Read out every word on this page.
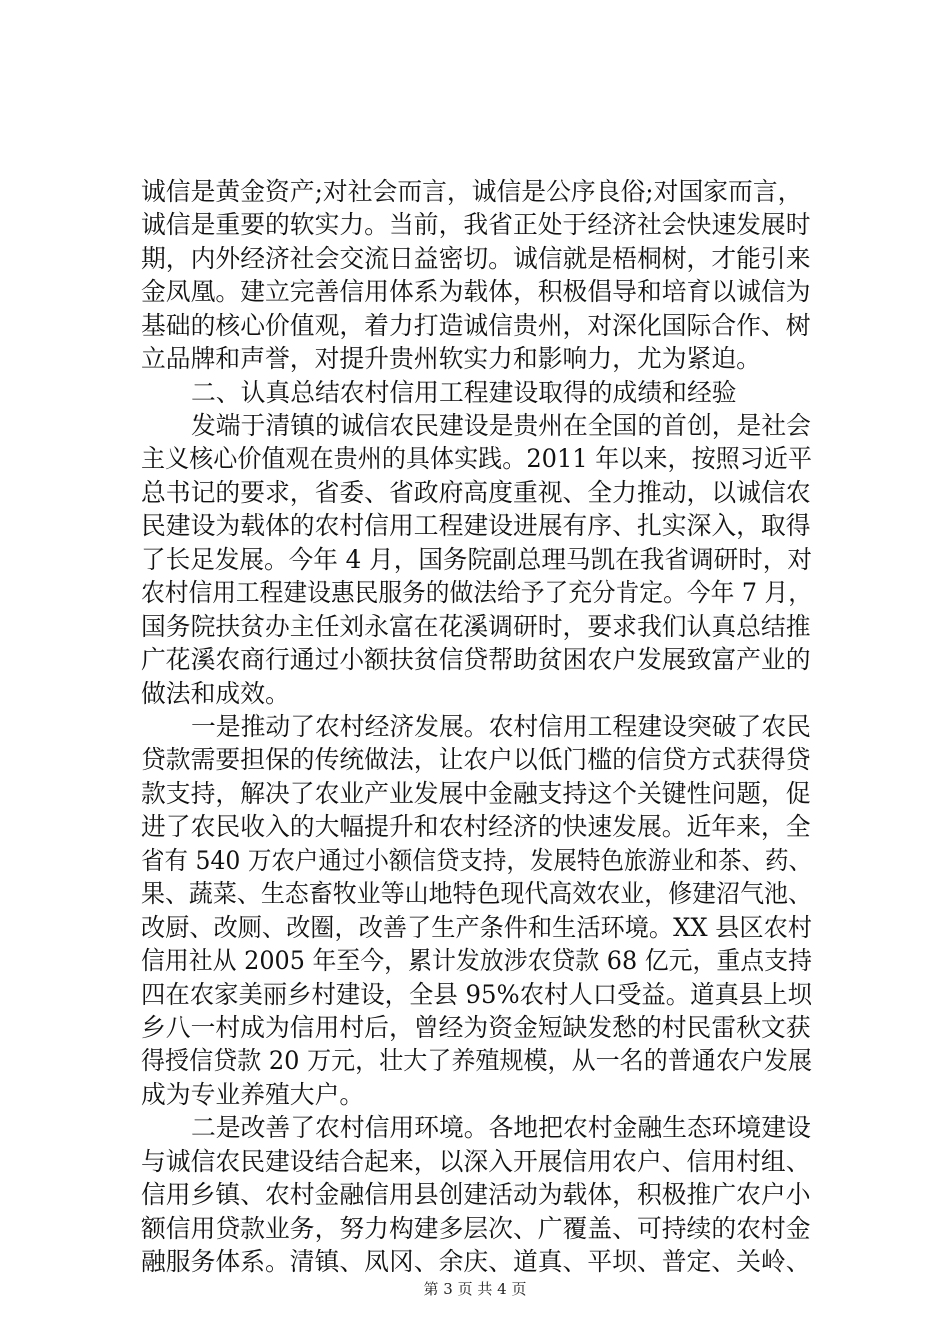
诚信是黄金资产;对社会而言，诚信是公序良俗;对国家而言，
诚信是重要的软实力。当前，我省正处于经济社会快速发展时
期，内外经济社会交流日益密切。诚信就是梧桐树，才能引来
金凤凰。建立完善信用体系为载体，积极倡导和培育以诚信为
基础的核心价值观，着力打造诚信贵州，对深化国际合作、树
立品牌和声誉，对提升贵州软实力和影响力，尤为紧迫。
二、认真总结农村信用工程建设取得的成绩和经验
发端于清镇的诚信农民建设是贵州在全国的首创，是社会
主义核心价值观在贵州的具体实践。2011 年以来，按照习近平
总书记的要求，省委、省政府高度重视、全力推动，以诚信农
民建设为载体的农村信用工程建设进展有序、扎实深入，取得
了长足发展。今年 4 月，国务院副总理马凯在我省调研时，对
农村信用工程建设惠民服务的做法给予了充分肯定。今年 7 月，
国务院扶贫办主任刘永富在花溪调研时，要求我们认真总结推
广花溪农商行通过小额扶贫信贷帮助贫困农户发展致富产业的
做法和成效。
一是推动了农村经济发展。农村信用工程建设突破了农民
贷款需要担保的传统做法，让农户以低门槛的信贷方式获得贷
款支持，解决了农业产业发展中金融支持这个关键性问题，促
进了农民收入的大幅提升和农村经济的快速发展。近年来，全
省有 540 万农户通过小额信贷支持，发展特色旅游业和茶、药、
果、蔬菜、生态畜牧业等山地特色现代高效农业，修建沼气池、
改厨、改厕、改圈，改善了生产条件和生活环境。XX 县区农村
信用社从 2005 年至今，累计发放涉农贷款 68 亿元，重点支持
四在农家美丽乡村建设，全县 95%农村人口受益。道真县上坝
乡八一村成为信用村后，曾经为资金短缺发愁的村民雷秋文获
得授信贷款 20 万元，壮大了养殖规模，从一名的普通农户发展
成为专业养殖大户。
二是改善了农村信用环境。各地把农村金融生态环境建设
与诚信农民建设结合起来，以深入开展信用农户、信用村组、
信用乡镇、农村金融信用县创建活动为载体，积极推广农户小
额信用贷款业务，努力构建多层次、广覆盖、可持续的农村金
融服务体系。清镇、凤冈、余庆、道真、平坝、普定、关岭、
第 3 页 共 4 页
